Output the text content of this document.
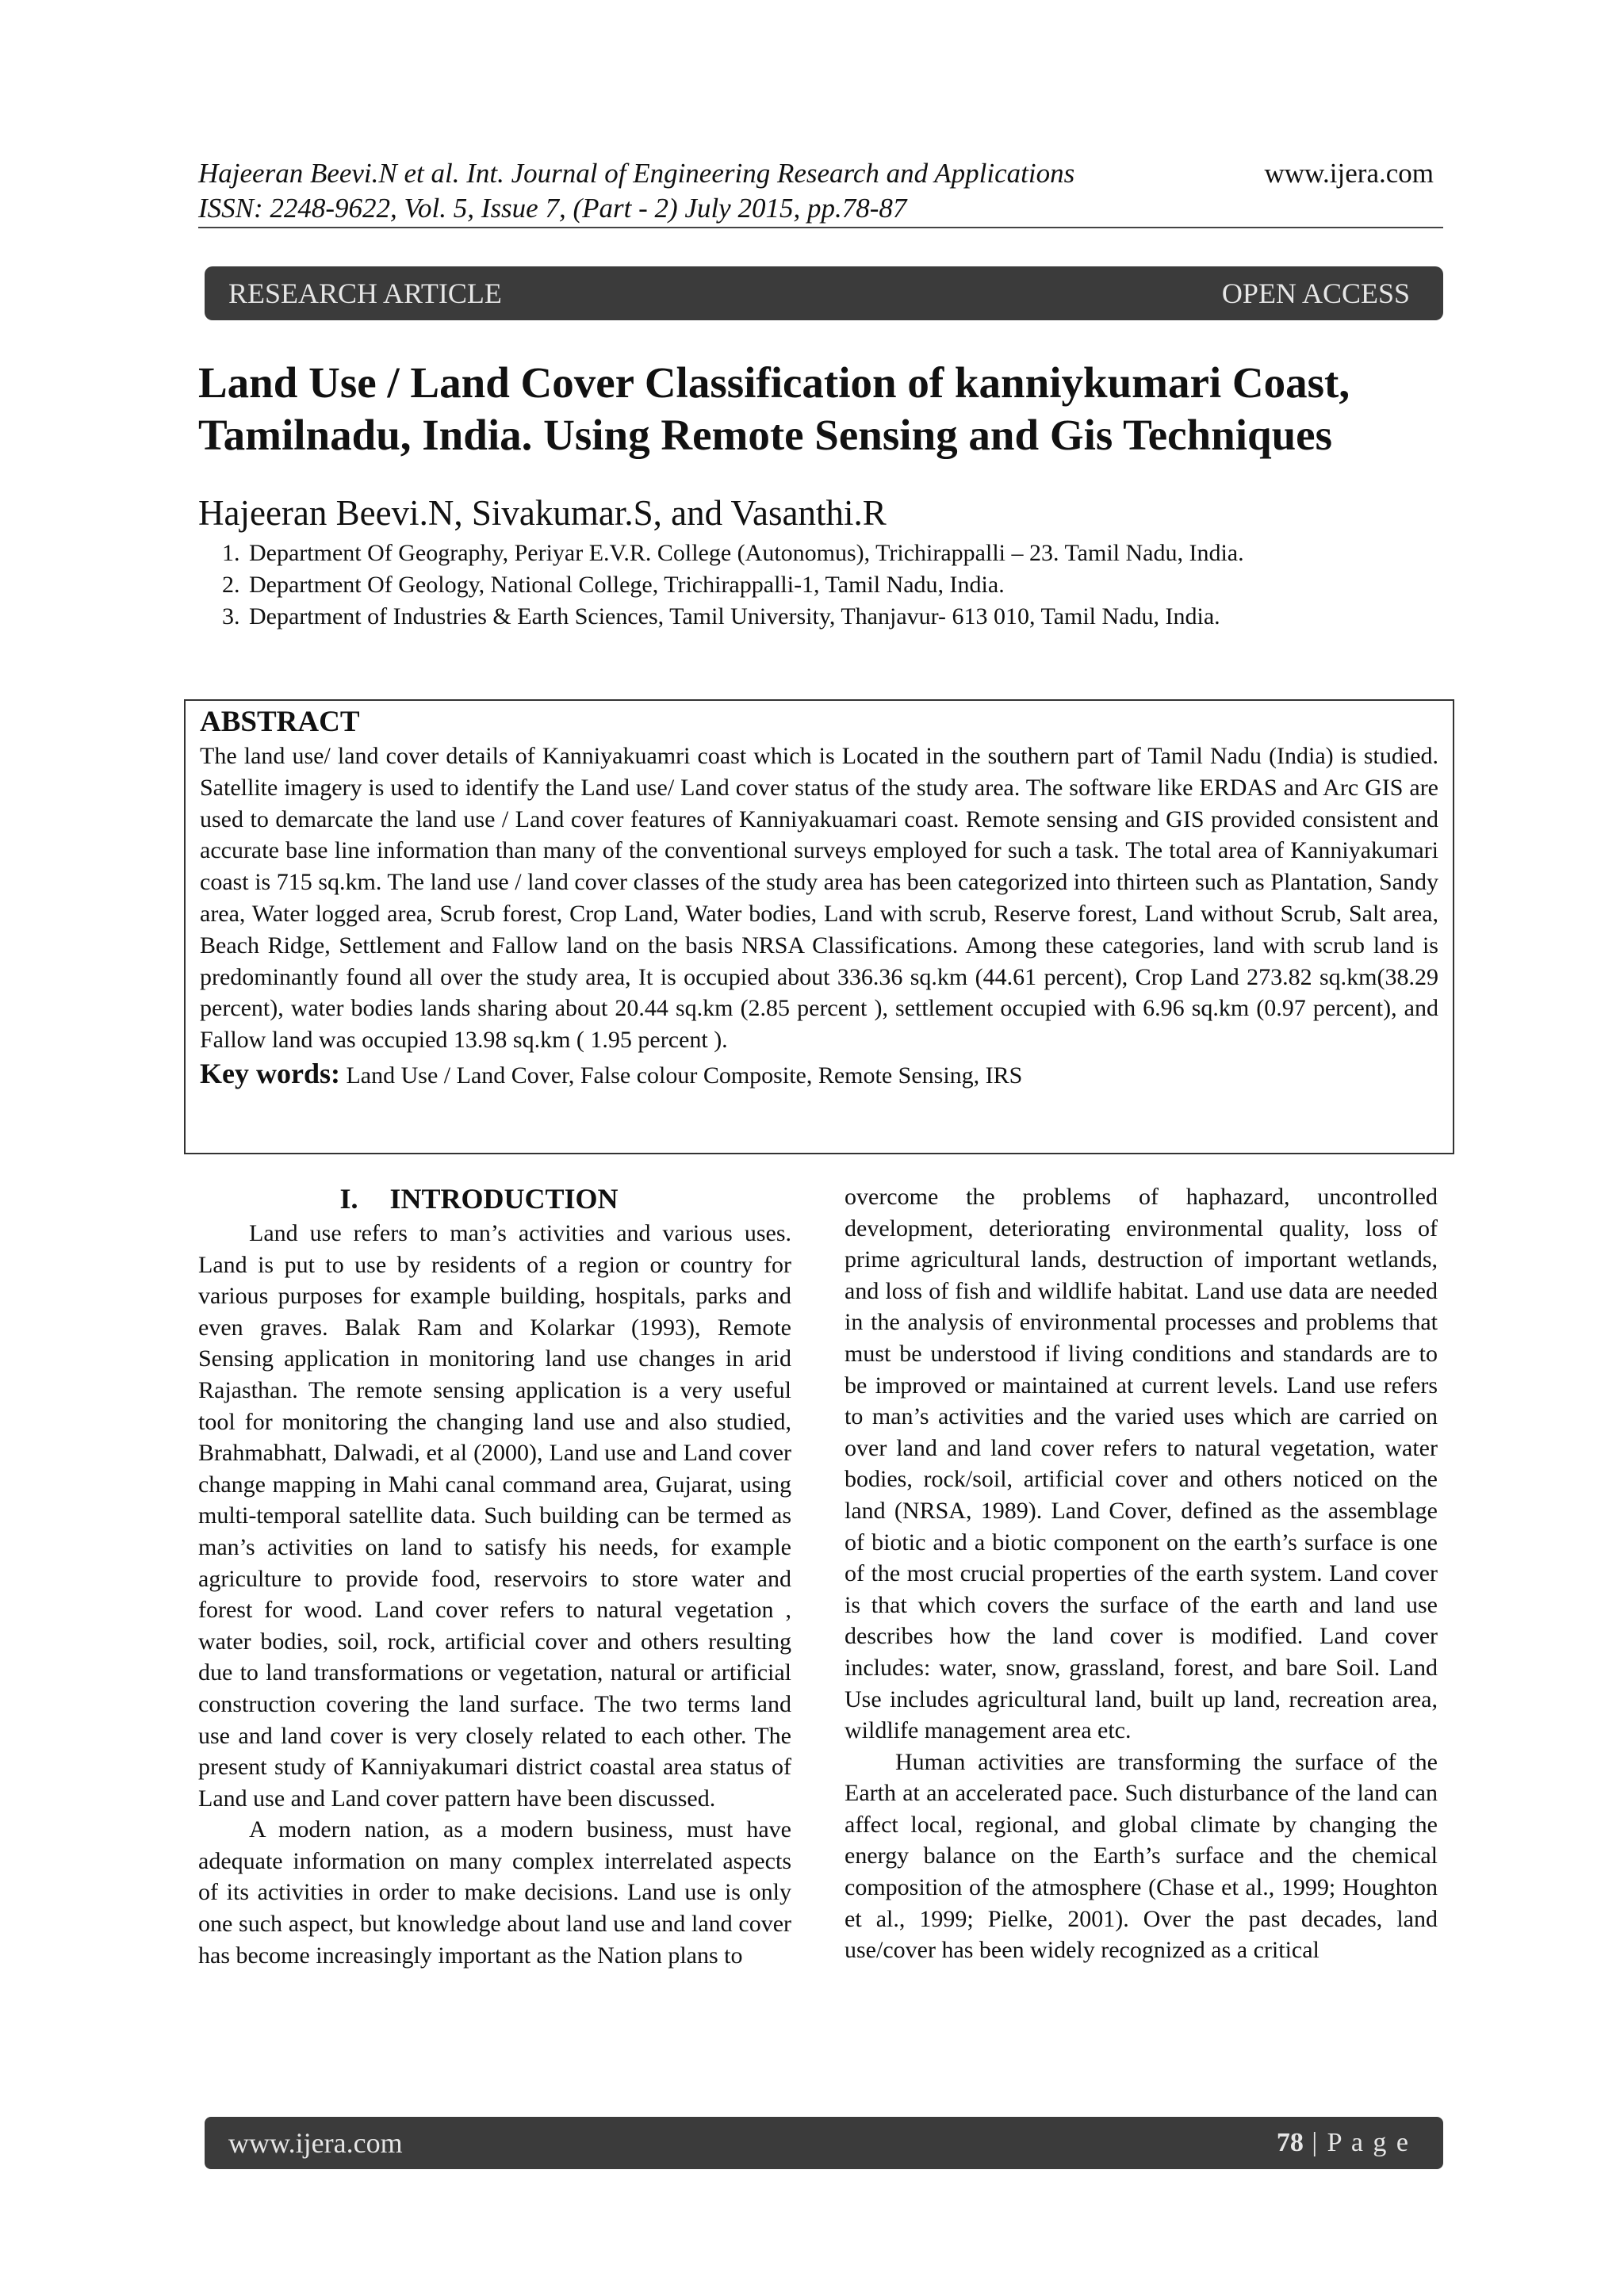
Hajeeran Beevi.N et al. Int. Journal of Engineering Research and Applications
ISSN: 2248-9622, Vol. 5, Issue 7, (Part - 2) July 2015, pp.78-87
www.ijera.com
RESEARCH ARTICLE	OPEN ACCESS
Land Use / Land Cover Classification of kanniykumari Coast, Tamilnadu, India. Using Remote Sensing and Gis Techniques
Hajeeran Beevi.N, Sivakumar.S, and Vasanthi.R
1. Department Of Geography, Periyar E.V.R. College (Autonomus), Trichirappalli – 23. Tamil Nadu, India.
2. Department Of Geology, National College, Trichirappalli-1, Tamil Nadu, India.
3. Department of Industries & Earth Sciences, Tamil University, Thanjavur- 613 010, Tamil Nadu, India.
ABSTRACT

The land use/ land cover details of Kanniyakuamri coast which is Located in the southern part of Tamil Nadu (India) is studied. Satellite imagery is used to identify the Land use/ Land cover status of the study area. The software like ERDAS and Arc GIS are used to demarcate the land use / Land cover features of Kanniyakuamari coast. Remote sensing and GIS provided consistent and accurate base line information than many of the conventional surveys employed for such a task. The total area of Kanniyakumari coast is 715 sq.km. The land use / land cover classes of the study area has been categorized into thirteen such as Plantation, Sandy area, Water logged area, Scrub forest, Crop Land, Water bodies, Land with scrub, Reserve forest, Land without Scrub, Salt area, Beach Ridge, Settlement and Fallow land on the basis NRSA Classifications. Among these categories, land with scrub land is predominantly found all over the study area, It is occupied about 336.36 sq.km (44.61 percent), Crop Land 273.82 sq.km(38.29 percent), water bodies lands sharing about 20.44 sq.km (2.85 percent ), settlement occupied with 6.96 sq.km (0.97 percent), and Fallow land was occupied 13.98 sq.km ( 1.95 percent ).

Key words: Land Use / Land Cover, False colour Composite, Remote Sensing, IRS

I. INTRODUCTION

Land use refers to man’s activities and various uses. Land is put to use by residents of a region or country for various purposes for example building, hospitals, parks and even graves. Balak Ram and Kolarkar (1993), Remote Sensing application in monitoring land use changes in arid Rajasthan. The remote sensing application is a very useful tool for monitoring the changing land use and also studied, Brahmabhatt, Dalwadi, et al (2000), Land use and Land cover change mapping in Mahi canal command area, Gujarat, using multi-temporal satellite data. Such building can be termed as man’s activities on land to satisfy his needs, for example agriculture to provide food, reservoirs to store water and forest for wood. Land cover refers to natural vegetation , water bodies, soil, rock, artificial cover and others resulting due to land transformations or vegetation, natural or artificial construction covering the land surface. The two terms land use and land cover is very closely related to each other. The present study of Kanniyakumari district coastal area status of Land use and Land cover pattern have been discussed.

A modern nation, as a modern business, must have adequate information on many complex interrelated aspects of its activities in order to make decisions. Land use is only one such aspect, but knowledge about land use and land cover has become increasingly important as the Nation plans to

overcome the problems of haphazard, uncontrolled development, deteriorating environmental quality, loss of prime agricultural lands, destruction of important wetlands, and loss of fish and wildlife habitat. Land use data are needed in the analysis of environmental processes and problems that must be understood if living conditions and standards are to be improved or maintained at current levels. Land use refers to man’s activities and the varied uses which are carried on over land and land cover refers to natural vegetation, water bodies, rock/soil, artificial cover and others noticed on the land (NRSA, 1989). Land Cover, defined as the assemblage of biotic and a biotic component on the earth’s surface is one of the most crucial properties of the earth system. Land cover is that which covers the surface of the earth and land use describes how the land cover is modified. Land cover includes: water, snow, grassland, forest, and bare Soil. Land Use includes agricultural land, built up land, recreation area, wildlife management area etc.

Human activities are transforming the surface of the Earth at an accelerated pace. Such disturbance of the land can affect local, regional, and global climate by changing the energy balance on the Earth’s surface and the chemical composition of the atmosphere (Chase et al., 1999; Houghton et al., 1999; Pielke, 2001). Over the past decades, land use/cover has been widely recognized as a critical

www.ijera.com	78 | P a g e
